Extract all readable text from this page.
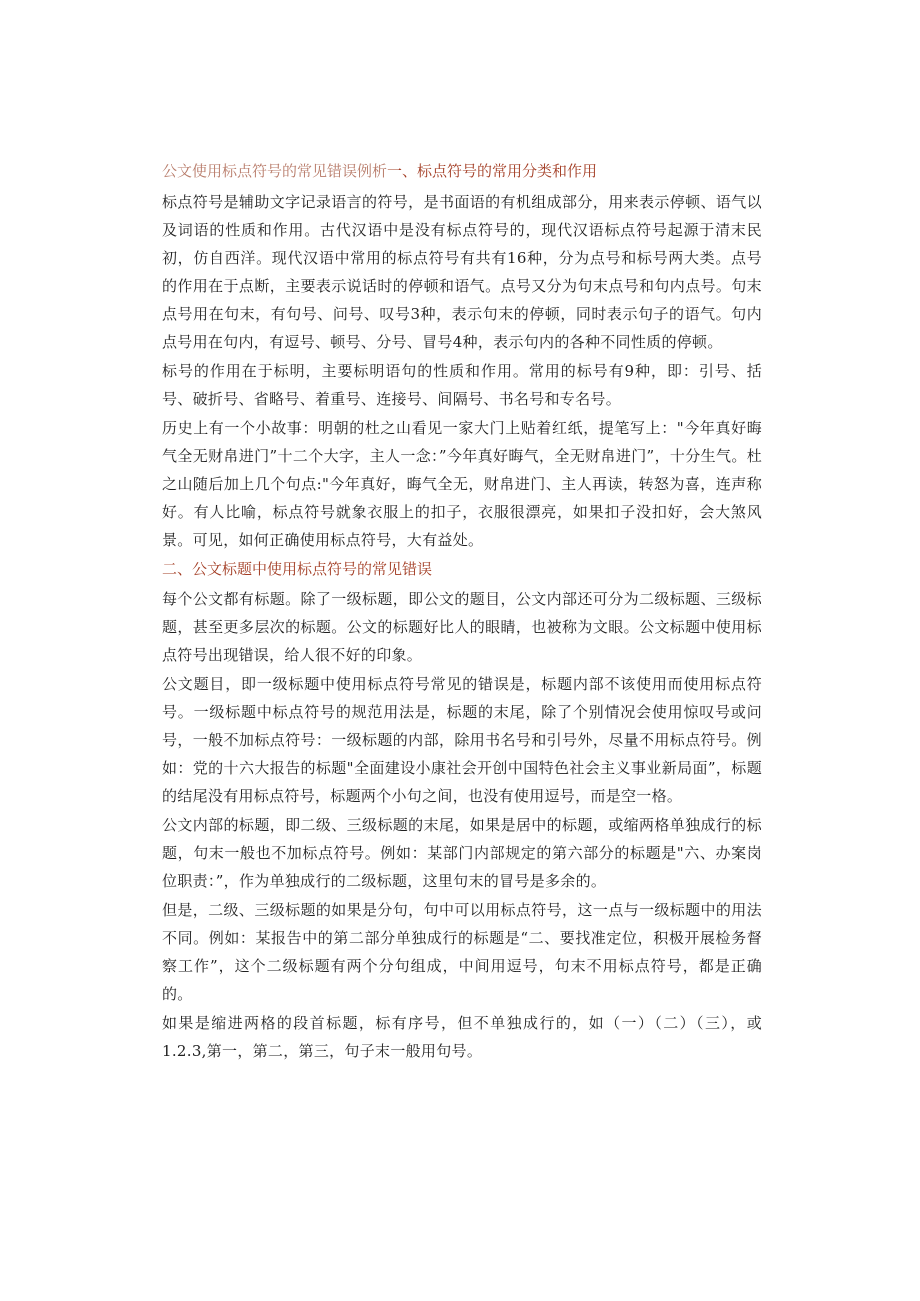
公文使用标点符号的常见错误例析一、标点符号的常用分类和作用

标点符号是辅助文字记录语言的符号，是书面语的有机组成部分，用来表示停顿、语气以及词语的性质和作用。古代汉语中是没有标点符号的，现代汉语标点符号起源于清末民初，仿自西洋。现代汉语中常用的标点符号有共有16种，分为点号和标号两大类。点号的作用在于点断，主要表示说话时的停顿和语气。点号又分为句末点号和句内点号。句末点号用在句末，有句号、问号、叹号3种，表示句末的停顿，同时表示句子的语气。句内点号用在句内，有逗号、顿号、分号、冒号4种，表示句内的各种不同性质的停顿。

标号的作用在于标明，主要标明语句的性质和作用。常用的标号有9种，即：引号、括号、破折号、省略号、着重号、连接号、间隔号、书名号和专名号。

历史上有一个小故事：明朝的杜之山看见一家大门上贴着红纸，提笔写上："今年真好晦气全无财帛进门”十二个大字，主人一念：”今年真好晦气，全无财帛进门”，十分生气。杜之山随后加上几个句点:"今年真好，晦气全无，财帛进门、主人再读，转怒为喜，连声称好。有人比喻，标点符号就象衣服上的扣子，衣服很漂亮，如果扣子没扣好，会大煞风景。可见，如何正确使用标点符号，大有益处。

二、公文标题中使用标点符号的常见错误

每个公文都有标题。除了一级标题，即公文的题目，公文内部还可分为二级标题、三级标题，甚至更多层次的标题。公文的标题好比人的眼睛，也被称为文眼。公文标题中使用标点符号出现错误，给人很不好的印象。

公文题目，即一级标题中使用标点符号常见的错误是，标题内部不该使用而使用标点符号。一级标题中标点符号的规范用法是，标题的末尾，除了个别情况会使用惊叹号或问号，一般不加标点符号：一级标题的内部，除用书名号和引号外，尽量不用标点符号。例如：党的十六大报告的标题"全面建设小康社会开创中国特色社会主义事业新局面”，标题的结尾没有用标点符号，标题两个小句之间，也没有使用逗号，而是空一格。

公文内部的标题，即二级、三级标题的末尾，如果是居中的标题，或缩两格单独成行的标题，句末一般也不加标点符号。例如：某部门内部规定的第六部分的标题是"六、办案岗位职责：”，作为单独成行的二级标题，这里句末的冒号是多余的。

但是，二级、三级标题的如果是分句，句中可以用标点符号，这一点与一级标题中的用法不同。例如：某报告中的第二部分单独成行的标题是“二、要找准定位，积极开展检务督察工作”，这个二级标题有两个分句组成，中间用逗号，句末不用标点符号，都是正确的。

如果是缩进两格的段首标题，标有序号，但不单独成行的，如（一）（二）（三），或1.2.3,第一，第二，第三，句子末一般用句号。
